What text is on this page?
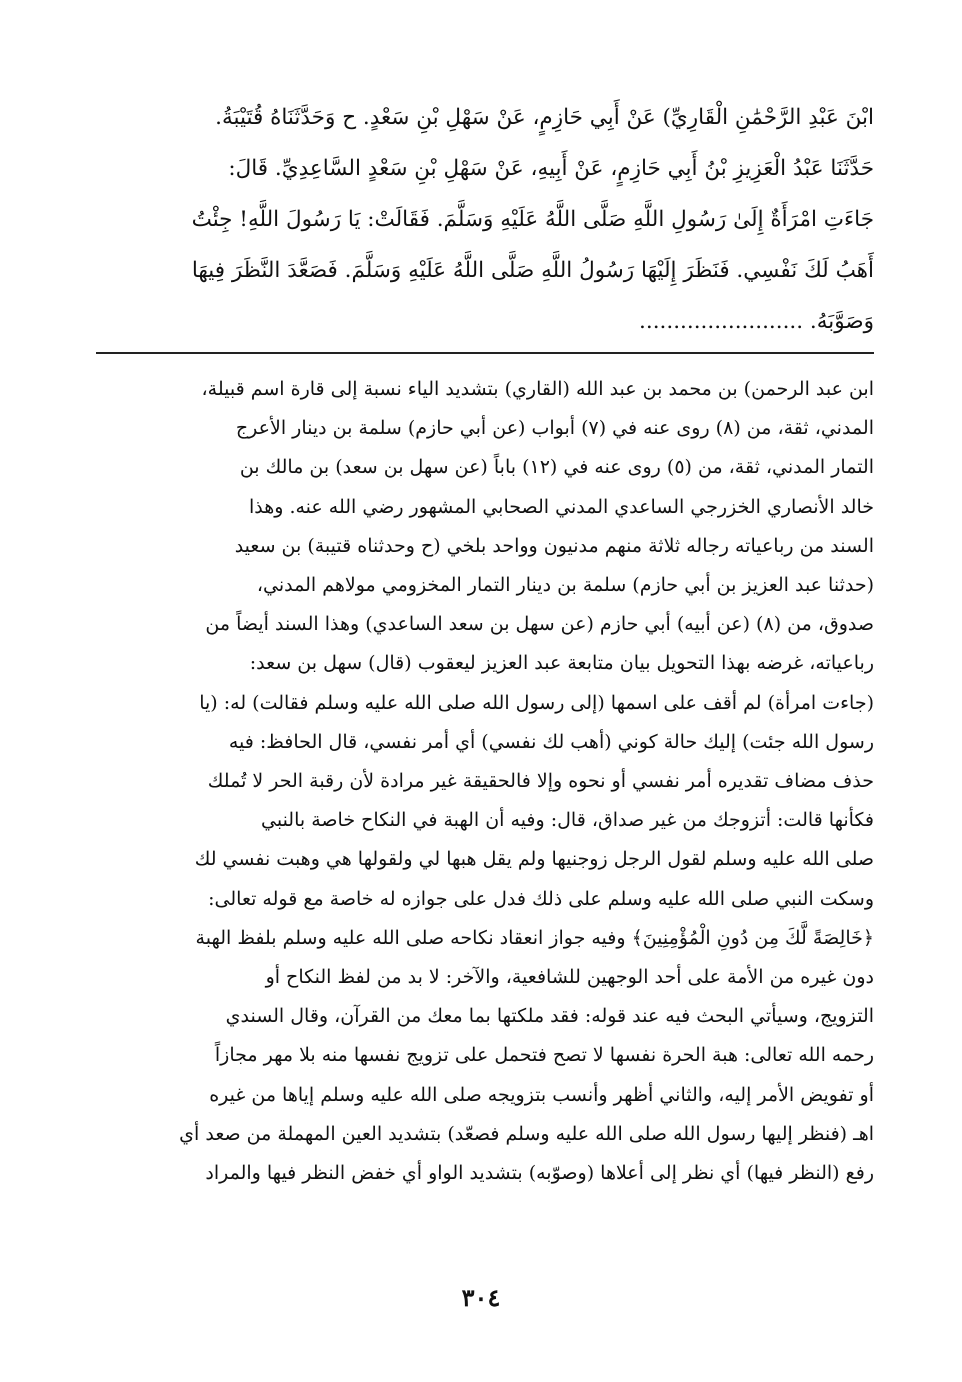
ابْنَ عَبْدِ الرَّحْمَٰنِ الْقَارِيِّ) عَنْ أَبِي حَازِمٍ، عَنْ سَهْلِ بْنِ سَعْدٍ. ح وَحَدَّثَنَاهُ قُتَيْبَةُ.

حَدَّثَنَا عَبْدُ الْعَزِيزِ بْنُ أَبِي حَازِمٍ، عَنْ أَبِيهِ، عَنْ سَهْلِ بْنِ سَعْدٍ السَّاعِدِيِّ. قَالَ:

جَاءَتِ امْرَأَةٌ إِلَىٰ رَسُولِ اللَّهِ صَلَّى اللَّهُ عَلَيْهِ وَسَلَّمَ. فَقَالَتْ: يَا رَسُولَ اللَّهِ! جِئْتُ

أَهَبُ لَكَ نَفْسِي. فَنَظَرَ إِلَيْهَا رَسُولُ اللَّهِ صَلَّى اللَّهُ عَلَيْهِ وَسَلَّمَ. فَصَعَّدَ النَّظَرَ فِيهَا

وَصَوَّبَهُ. ........................

ابن عبد الرحمن) بن محمد بن عبد الله (القاري) بتشديد الياء نسبة إلى قارة اسم قبيلة،

المدني، ثقة، من (٨) روى عنه في (٧) أبواب (عن أبي حازم) سلمة بن دينار الأعرج

التمار المدني، ثقة، من (٥) روى عنه في (١٢) باباً (عن سهل بن سعد) بن مالك بن

خالد الأنصاري الخزرجي الساعدي المدني الصحابي المشهور رضي الله عنه. وهذا

السند من رباعياته رجاله ثلاثة منهم مدنيون وواحد بلخي (ح وحدثناه قتيبة) بن سعيد

(حدثنا عبد العزيز بن أبي حازم) سلمة بن دينار التمار المخزومي مولاهم المدني،

صدوق، من (٨) (عن أبيه) أبي حازم (عن سهل بن سعد الساعدي) وهذا السند أيضاً من

رباعياته، غرضه بهذا التحويل بيان متابعة عبد العزيز ليعقوب (قال) سهل بن سعد:

(جاءت امرأة) لم أقف على اسمها (إلى رسول الله صلى الله عليه وسلم فقالت) له: (يا

رسول الله جئت) إليك حالة كوني (أهب لك نفسي) أي أمر نفسي، قال الحافظ: فيه

حذف مضاف تقديره أمر نفسي أو نحوه وإلا فالحقيقة غير مرادة لأن رقبة الحر لا تُملك

فكأنها قالت: أتزوجك من غير صداق، قال: وفيه أن الهبة في النكاح خاصة بالنبي

صلى الله عليه وسلم لقول الرجل زوجنيها ولم يقل هبها لي ولقولها هي وهبت نفسي لك

وسكت النبي صلى الله عليه وسلم على ذلك فدل على جوازه له خاصة مع قوله تعالى:

﴿خَالِصَةً لَّكَ مِن دُونِ الْمُؤْمِنِينَ﴾ وفيه جواز انعقاد نكاحه صلى الله عليه وسلم بلفظ الهبة

دون غيره من الأمة على أحد الوجهين للشافعية، والآخر: لا بد من لفظ النكاح أو

التزويج، وسيأتي البحث فيه عند قوله: فقد ملكتها بما معك من القرآن، وقال السندي

رحمه الله تعالى: هبة الحرة نفسها لا تصح فتحمل على تزويج نفسها منه بلا مهر مجازاً

أو تفويض الأمر إليه، والثاني أظهر وأنسب بتزويجه صلى الله عليه وسلم إياها من غيره

اهـ (فنظر إليها رسول الله صلى الله عليه وسلم فصعّد) بتشديد العين المهملة من صعد أي

رفع (النظر فيها) أي نظر إلى أعلاها (وصوّبه) بتشديد الواو أي خفض النظر فيها والمراد

٣٠٤
